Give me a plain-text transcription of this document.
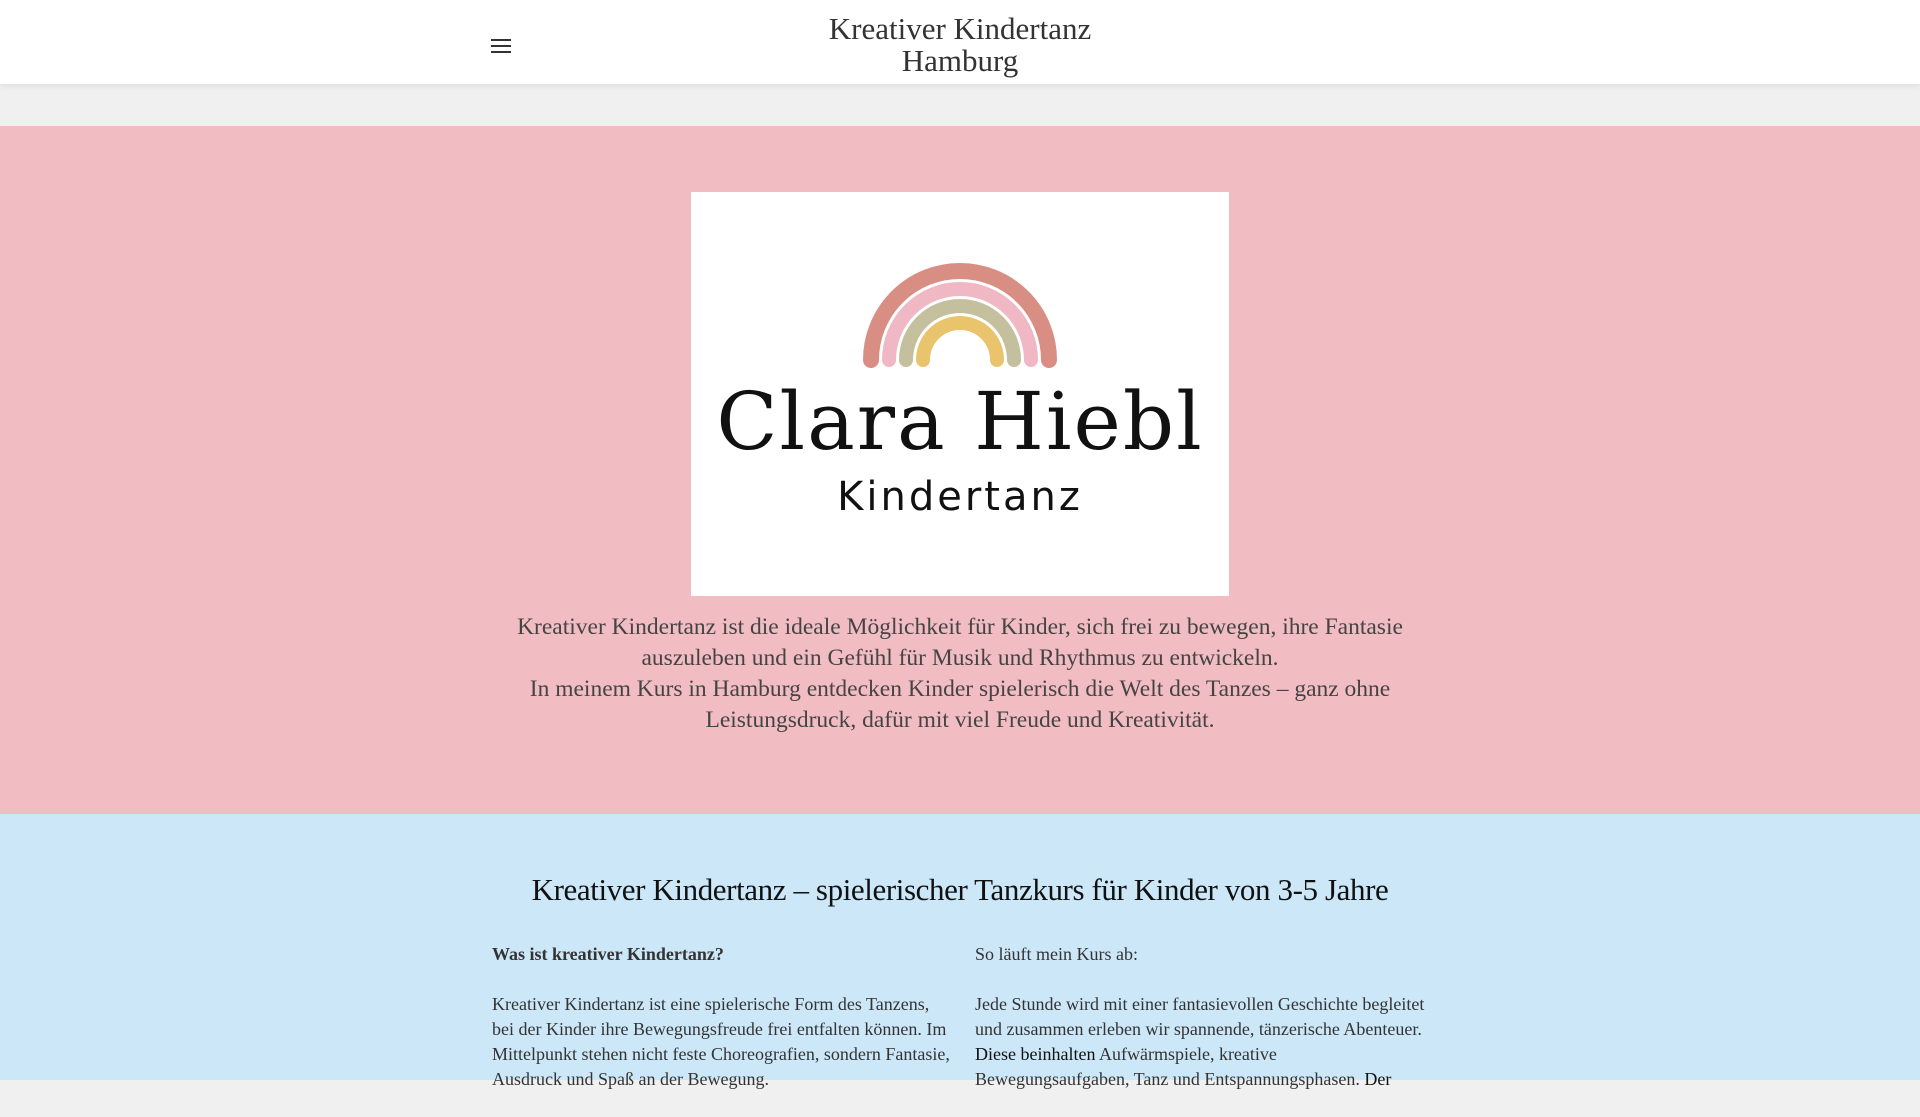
Kreativer Kindertanz
Hamburg
Clara Hiebl
Kindertanz

Kreativer Kindertanz ist die ideale Möglichkeit für Kinder, sich frei zu bewegen, ihre Fantasie auszuleben und ein Gefühl für Musik und Rhythmus zu entwickeln.

In meinem Kurs in Hamburg entdecken Kinder spielerisch die Welt des Tanzes – ganz ohne Leistungsdruck, dafür mit viel Freude und Kreativität.

Kreativer Kindertanz – spielerischer Tanzkurs für Kinder von 3-5 Jahre

Was ist kreativer Kindertanz?

Kreativer Kindertanz ist eine spielerische Form des Tanzens, bei der Kinder ihre Bewegungsfreude frei entfalten können. Im Mittelpunkt stehen nicht feste Choreografien, sondern Fantasie, Ausdruck und Spaß an der Bewegung.

So läuft mein Kurs ab:

Jede Stunde wird mit einer fantasievollen Geschichte begleitet und zusammen erleben wir spannende, tänzerische Abenteuer. Diese beinhalten Aufwärmspiele, kreative Bewegungsaufgaben, Tanz und Entspannungsphasen. Der
